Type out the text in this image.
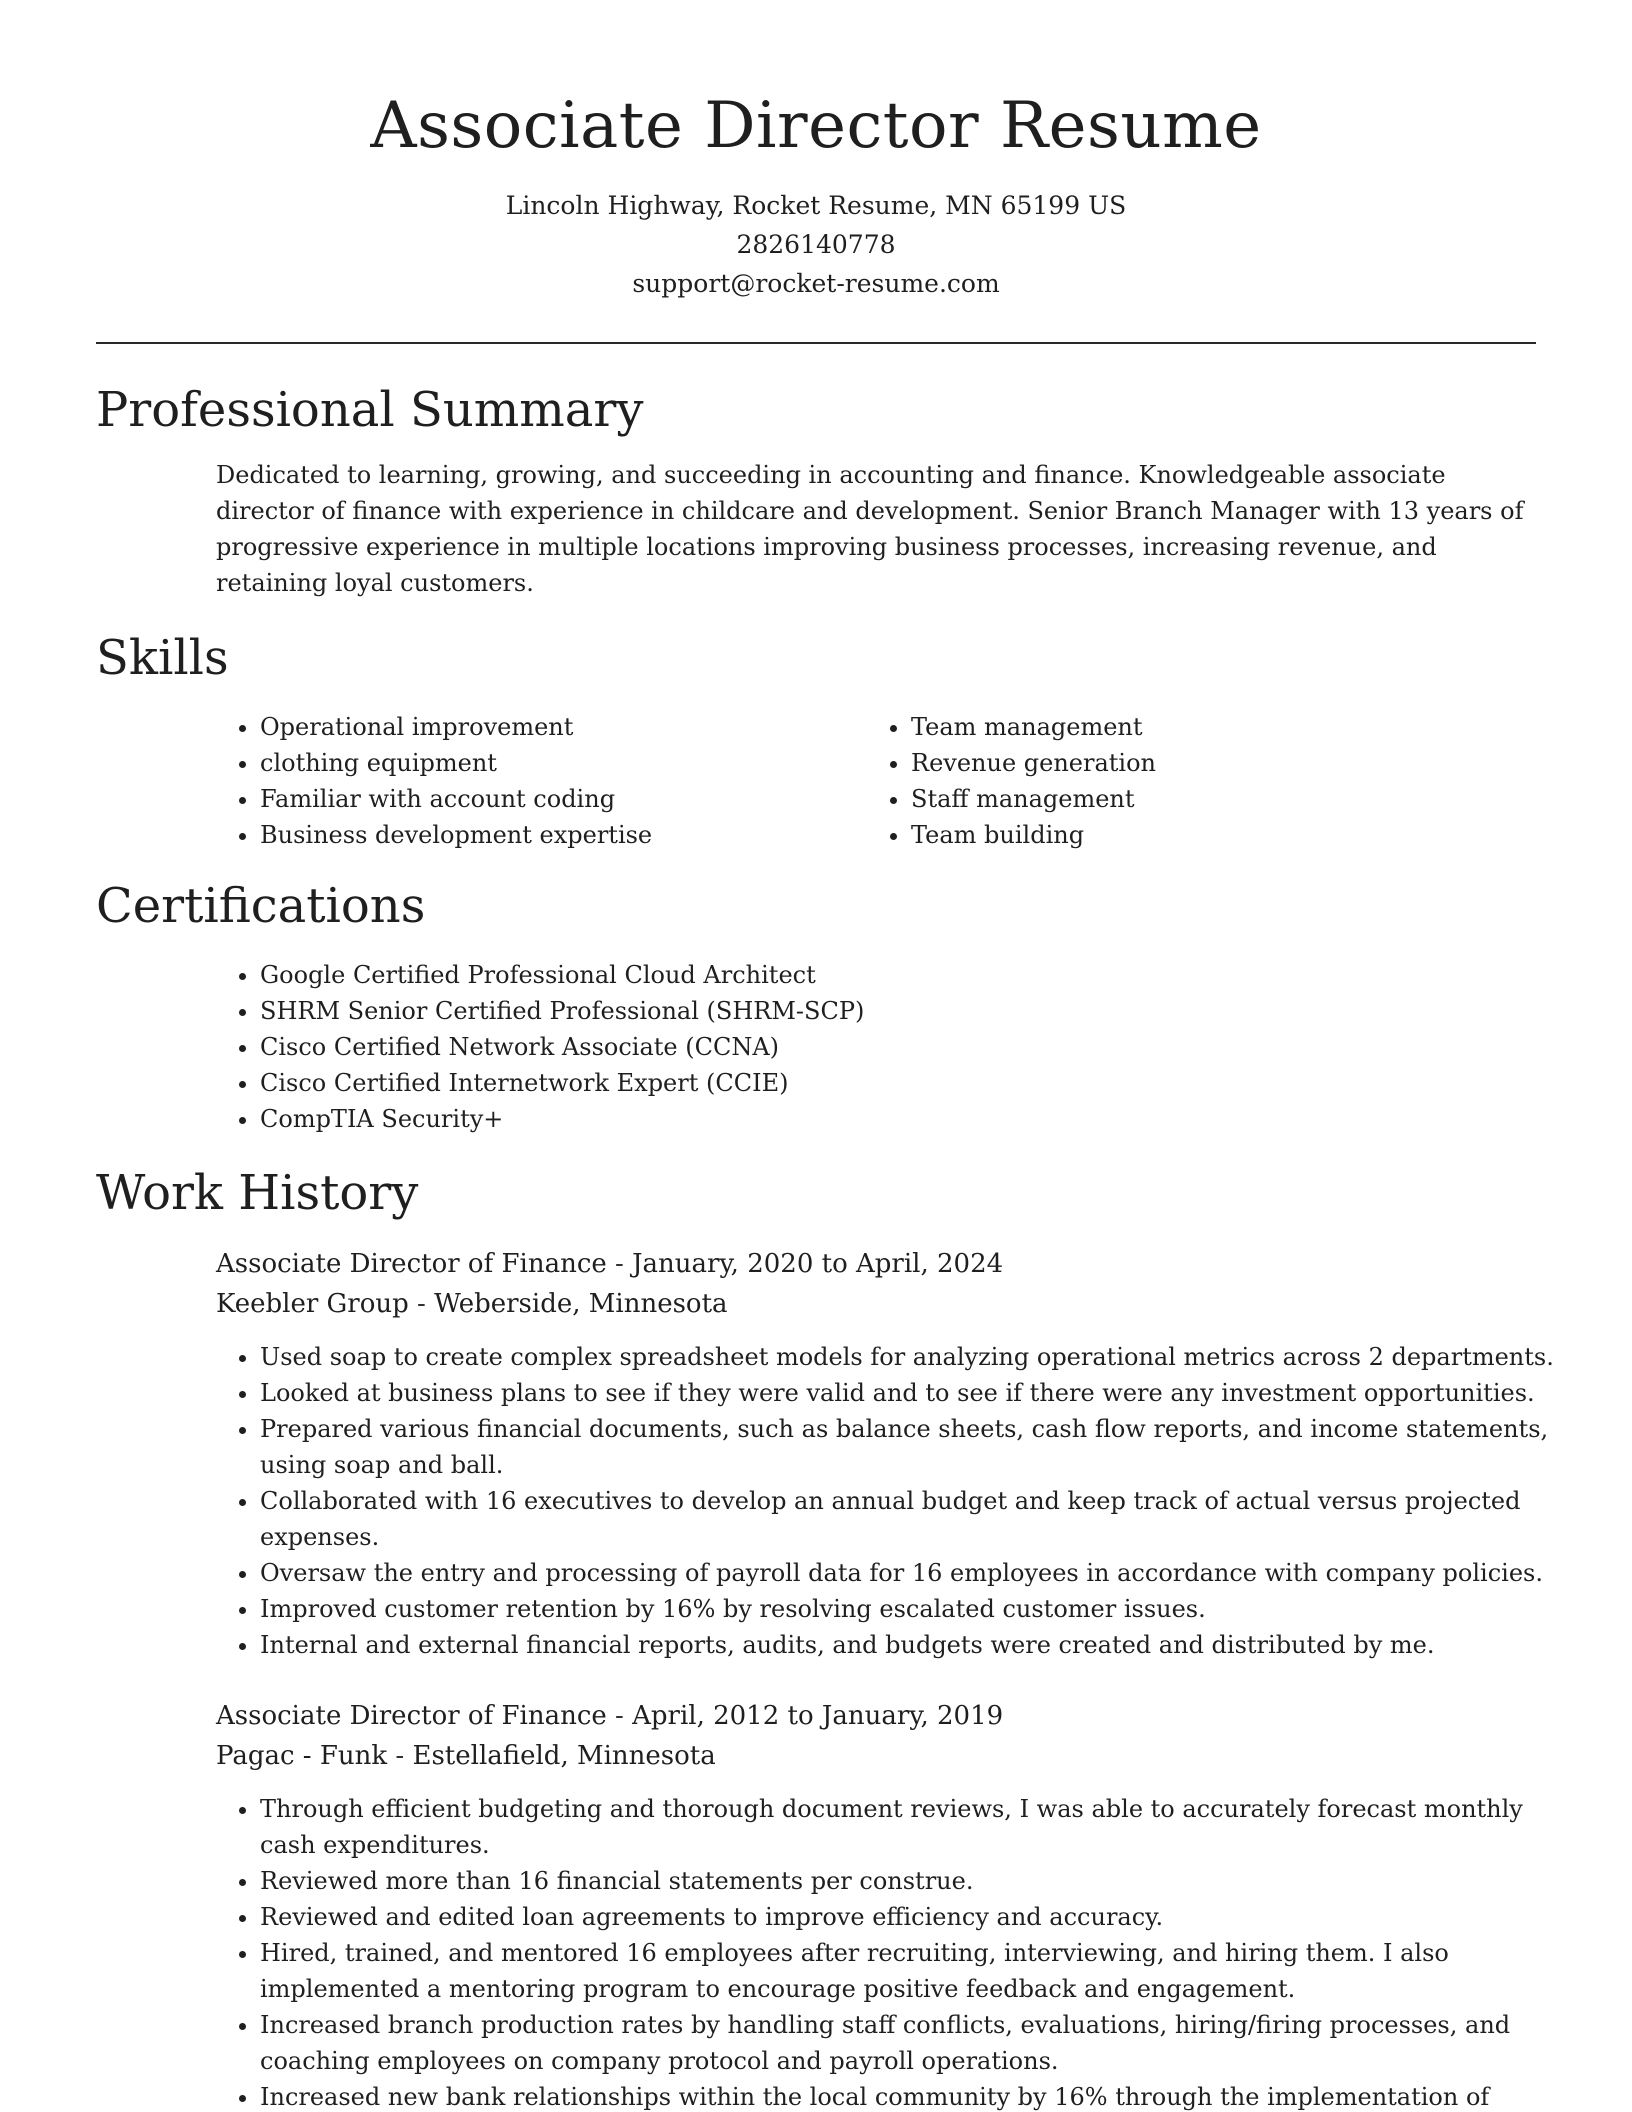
Associate Director Resume
Lincoln Highway, Rocket Resume, MN 65199 US
2826140778
support@rocket-resume.com
Professional Summary

Dedicated to learning, growing, and succeeding in accounting and finance. Knowledgeable associate director of finance with experience in childcare and development. Senior Branch Manager with 13 years of progressive experience in multiple locations improving business processes, increasing revenue, and retaining loyal customers.

Skills
• Operational improvement
• clothing equipment
• Familiar with account coding
• Business development expertise
• Team management
• Revenue generation
• Staff management
• Team building
Certifications
• Google Certified Professional Cloud Architect
• SHRM Senior Certified Professional (SHRM-SCP)
• Cisco Certified Network Associate (CCNA)
• Cisco Certified Internetwork Expert (CCIE)
• CompTIA Security+
Work History
Associate Director of Finance - January, 2020 to April, 2024
Keebler Group - Weberside, Minnesota
• Used soap to create complex spreadsheet models for analyzing operational metrics across 2 departments.
• Looked at business plans to see if they were valid and to see if there were any investment opportunities.
• Prepared various financial documents, such as balance sheets, cash flow reports, and income statements, using soap and ball.
• Collaborated with 16 executives to develop an annual budget and keep track of actual versus projected expenses.
• Oversaw the entry and processing of payroll data for 16 employees in accordance with company policies.
• Improved customer retention by 16% by resolving escalated customer issues.
• Internal and external financial reports, audits, and budgets were created and distributed by me.
Associate Director of Finance - April, 2012 to January, 2019
Pagac - Funk - Estellafield, Minnesota
• Through efficient budgeting and thorough document reviews, I was able to accurately forecast monthly cash expenditures.
• Reviewed more than 16 financial statements per construe.
• Reviewed and edited loan agreements to improve efficiency and accuracy.
• Hired, trained, and mentored 16 employees after recruiting, interviewing, and hiring them. I also implemented a mentoring program to encourage positive feedback and engagement.
• Increased branch production rates by handling staff conflicts, evaluations, hiring/firing processes, and coaching employees on company protocol and payroll operations.
• Increased new bank relationships within the local community by 16% through the implementation of
